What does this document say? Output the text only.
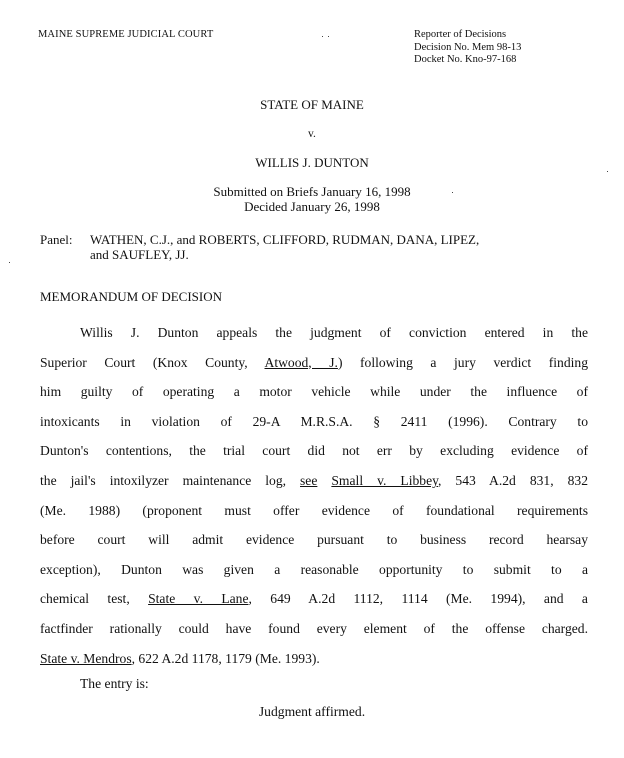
MAINE SUPREME JUDICIAL COURT	Reporter of Decisions
Decision No. Mem 98-13
Docket No. Kno-97-168
STATE OF MAINE
v.
WILLIS J. DUNTON
Submitted on Briefs January 16, 1998
Decided January 26, 1998
Panel: WATHEN, C.J., and ROBERTS, CLIFFORD, RUDMAN, DANA, LIPEZ,
and SAUFLEY, JJ.
MEMORANDUM OF DECISION
Willis J. Dunton appeals the judgment of conviction entered in the
Superior Court (Knox County, Atwood, J.) following a jury verdict finding
him guilty of operating a motor vehicle while under the influence of
intoxicants in violation of 29-A M.R.S.A. § 2411 (1996). Contrary to
Dunton's contentions, the trial court did not err by excluding evidence of
the jail's intoxilyzer maintenance log, see Small v. Libbey, 543 A.2d 831, 832
(Me. 1988) (proponent must offer evidence of foundational requirements
before court will admit evidence pursuant to business record hearsay
exception), Dunton was given a reasonable opportunity to submit to a
chemical test, State v. Lane, 649 A.2d 1112, 1114 (Me. 1994), and a
factfinder rationally could have found every element of the offense charged.
State v. Mendros, 622 A.2d 1178, 1179 (Me. 1993).
The entry is:
Judgment affirmed.
